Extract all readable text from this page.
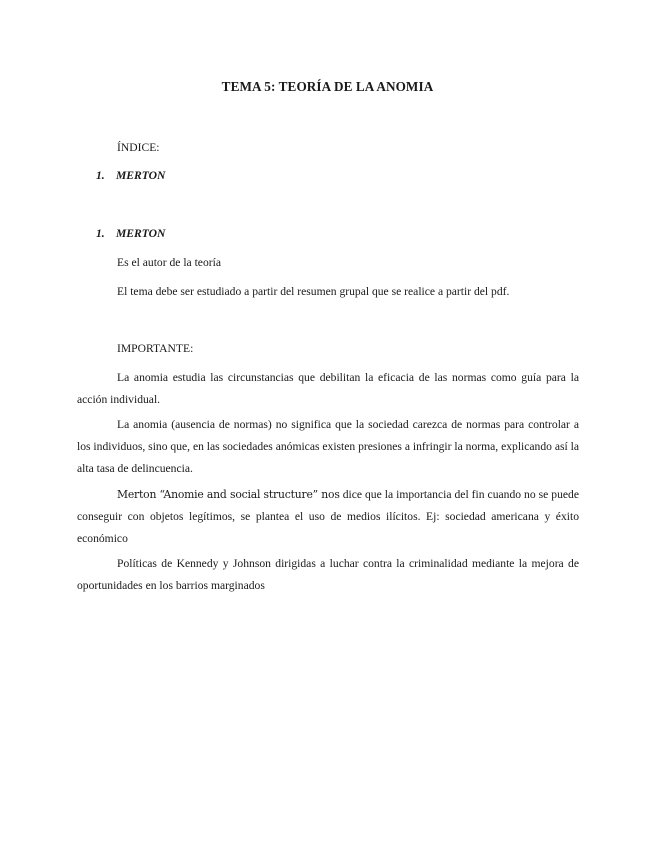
TEMA 5: TEORÍA DE LA ANOMIA
ÍNDICE:
1. MERTON
1. MERTON
Es el autor de la teoría
El tema debe ser estudiado a partir del resumen grupal que se realice a partir del pdf.
IMPORTANTE:
La anomia estudia las circunstancias que debilitan la eficacia de las normas como guía para la acción individual.
La anomia (ausencia de normas) no significa que la sociedad carezca de normas para controlar a los individuos, sino que, en las sociedades anómicas existen presiones a infringir la norma, explicando así la alta tasa de delincuencia.
Merton “Anomie and social structure” nos dice que la importancia del fin cuando no se puede conseguir con objetos legítimos, se plantea el uso de medios ilícitos. Ej: sociedad americana y éxito económico
Políticas de Kennedy y Johnson dirigidas a luchar contra la criminalidad mediante la mejora de oportunidades en los barrios marginados
